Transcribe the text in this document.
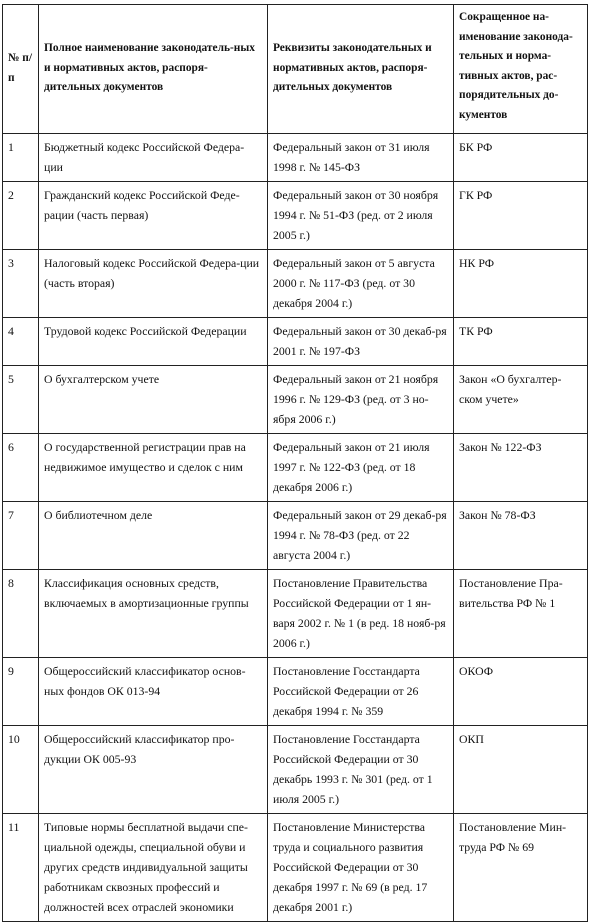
№ п/п	Полное наименование законодатель-ных и нормативных актов, распоря-дительных документов	Реквизиты законодательных и нормативных актов, распоря-дительных документов	Сокращенное на-именование законода-тельных и норма-тивных актов, рас-порядительных до-кументов
1	Бюджетный кодекс Российской Федера-ции	Федеральный закон от 31 июля 1998 г. № 145-ФЗ	БК РФ
2	Гражданский кодекс Российской Феде-рации (часть первая)	Федеральный закон от 30 ноября 1994 г. № 51-ФЗ (ред. от 2 июля 2005 г.)	ГК РФ
3	Налоговый кодекс Российской Федера-ции (часть вторая)	Федеральный закон от 5 августа 2000 г. № 117-ФЗ (ред. от 30 декабря 2004 г.)	НК РФ
4	Трудовой кодекс Российской Федерации	Федеральный закон от 30 декаб-ря 2001 г. № 197-ФЗ	ТК РФ
5	О бухгалтерском учете	Федеральный закон от 21 ноября 1996 г. № 129-ФЗ (ред. от 3 но-ября 2006 г.)	Закон «О бухгалтер-ском учете»
6	О государственной регистрации прав на недвижимое имущество и сделок с ним	Федеральный закон от 21 июля 1997 г. № 122-ФЗ (ред. от 18 декабря 2006 г.)	Закон № 122-ФЗ
7	О библиотечном деле	Федеральный закон от 29 декаб-ря 1994 г. № 78-ФЗ (ред. от 22 августа 2004 г.)	Закон № 78-ФЗ
8	Классификация основных средств, включаемых в амортизационные группы	Постановление Правительства Российской Федерации от 1 ян-варя 2002 г. № 1 (в ред. 18 нояб-ря 2006 г.)	Постановление Пра-вительства РФ № 1
9	Общероссийский классификатор основ-ных фондов ОК 013-94	Постановление Госстандарта Российской Федерации от 26 декабря 1994 г. № 359	ОКОФ
10	Общероссийский классификатор про-дукции ОК 005-93	Постановление Госстандарта Российской Федерации от 30 декабрь 1993 г. № 301 (ред. от 1 июля 2005 г.)	ОКП
11	Типовые нормы бесплатной выдачи спе-циальной одежды, специальной обуви и других средств индивидуальной защиты работникам сквозных профессий и должностей всех отраслей экономики	Постановление Министерства труда и социального развития Российской Федерации от 30 декабря 1997 г. № 69 (в ред. 17 декабря 2001 г.)	Постановление Мин-труда РФ № 69
